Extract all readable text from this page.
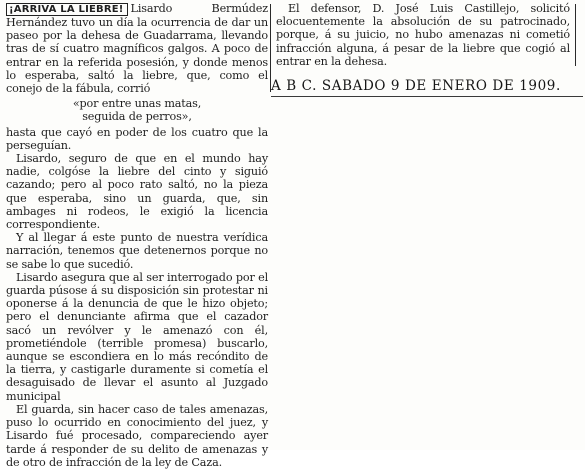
¡ARRIVA LA LIEBRE! Lisardo Bermúdez Hernández tuvo un día la ocurrencia de dar un paseo por la dehesa de Guadarrama, llevando tras de sí cuatro magníficos galgos. A poco de entrar en la referida posesión, y donde menos lo esperaba, saltó la liebre, que, como el conejo de la fábula, corrió

«por entre unas matas,
seguida de perros»,

hasta que cayó en poder de los cuatro que la perseguían.

Lisardo, seguro de que en el mundo hay nadie, colgóse la liebre del cinto y siguió cazando; pero al poco rato saltó, no la pieza que esperaba, sino un guarda, que, sin ambages ni rodeos, le exigió la licencia correspondiente.

Y al llegar á este punto de nuestra verídica narración, tenemos que detenernos porque no se sabe lo que sucedió.

Lisardo asegura que al ser interrogado por el guarda púsose á su disposición sin protestar ni oponerse á la denuncia de que le hizo objeto; pero el denunciante afirma que el cazador sacó un revólver y le amenazó con él, prometiéndole (terrible promesa) buscarlo, aunque se escondiera en lo más recóndito de la tierra, y castigarle duramente si cometía el desaguisado de llevar el asunto al Juzgado municipal

El guarda, sin hacer caso de tales amenazas, puso lo ocurrido en conocimiento del juez, y Lisardo fué procesado, compareciendo ayer tarde á responder de su delito de amenazas y de otro de infracción de la ley de Caza.

El defensor, D. José Luis Castillejo, solicitó elocuentemente la absolución de su patrocinado, porque, á su juicio, no hubo amenazas ni cometió infracción alguna, á pesar de la liebre que cogió al entrar en la dehesa.

A B C. SABADO 9 DE ENERO DE 1909.
